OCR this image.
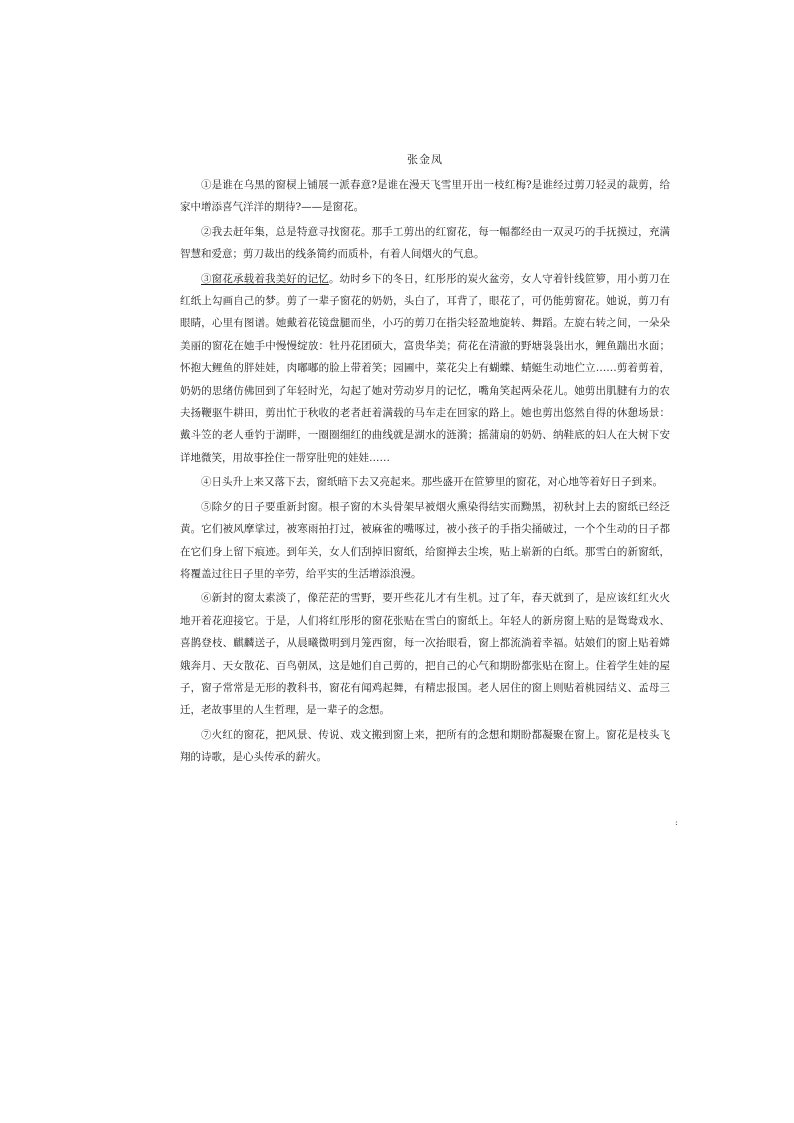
张金凤

①是谁在乌黑的窗棂上铺展一派春意?是谁在漫天飞雪里开出一枝红梅?是谁经过剪刀轻灵的裁剪，给家中增添喜气洋洋的期待?——是窗花。

②我去赶年集，总是特意寻找窗花。那手工剪出的红窗花，每一幅都经由一双灵巧的手抚摸过，充满智慧和爱意；剪刀裁出的线条简约而质朴，有着人间烟火的气息。

③窗花承载着我美好的记忆。幼时乡下的冬日，红彤彤的炭火盆旁，女人守着针线笸箩，用小剪刀在红纸上勾画自己的梦。剪了一辈子窗花的奶奶，头白了，耳背了，眼花了，可仍能剪窗花。她说，剪刀有眼睛，心里有图谱。她戴着花镜盘腿而坐，小巧的剪刀在指尖轻盈地旋转、舞蹈。左旋右转之间，一朵朵美丽的窗花在她手中慢慢绽放：牡丹花团硕大，富贵华美；荷花在清澈的野塘袅袅出水，鲤鱼踹出水面；怀抱大鲤鱼的胖娃娃，肉嘟嘟的脸上带着笑；园圃中，菜花尖上有蝴蝶、蜻蜓生动地伫立……剪着剪着，奶奶的思绪仿佛回到了年轻时光，勾起了她对劳动岁月的记忆，嘴角笑起两朵花儿。她剪出肌腱有力的农夫扬鞭驱牛耕田，剪出忙于秋收的老者赶着满载的马车走在回家的路上。她也剪出悠然自得的休憩场景：戴斗笠的老人垂钓于湖畔，一圈圈细红的曲线就是湖水的涟漪；摇蒲扇的奶奶、纳鞋底的妇人在大树下安详地微笑，用故事拴住一帮穿肚兜的娃娃……

④日头升上来又落下去，窗纸暗下去又亮起来。那些盛开在笸箩里的窗花，对心地等着好日子到来。

⑤除夕的日子要重新封窗。根子窗的木头骨架早被烟火熏染得结实而黝黑，初秋封上去的窗纸已经泛黄。它们被风摩挲过，被寒雨拍打过，被麻雀的嘴啄过，被小孩子的手指尖捅破过，一个个生动的日子都在它们身上留下痕迹。到年关，女人们刮掉旧窗纸，给窗掸去尘埃，贴上崭新的白纸。那雪白的新窗纸，将覆盖过往日子里的辛劳，给平实的生活增添浪漫。

⑥新封的窗太素淡了，像茫茫的雪野，要开些花儿才有生机。过了年，春天就到了，是应该红红火火地开着花迎接它。于是，人们将红彤彤的窗花张贴在雪白的窗纸上。年轻人的新房窗上贴的是鸳鸯戏水、喜鹊登枝、麒麟送子，从晨曦微明到月笼西窗，每一次抬眼看，窗上都流淌着幸福。姑娘们的窗上贴着嫦娥奔月、天女散花、百鸟朝凤，这是她们自己剪的，把自己的心气和期盼都张贴在窗上。住着学生娃的屋子，窗子常常是无形的教科书，窗花有闻鸡起舞，有精忠报国。老人居住的窗上则贴着桃园结义、孟母三迁，老故事里的人生哲理，是一辈子的念想。

⑦火红的窗花，把风景、传说、戏文搬到窗上来，把所有的念想和期盼都凝聚在窗上。窗花是枝头飞翔的诗歌，是心头传承的薪火。

:
